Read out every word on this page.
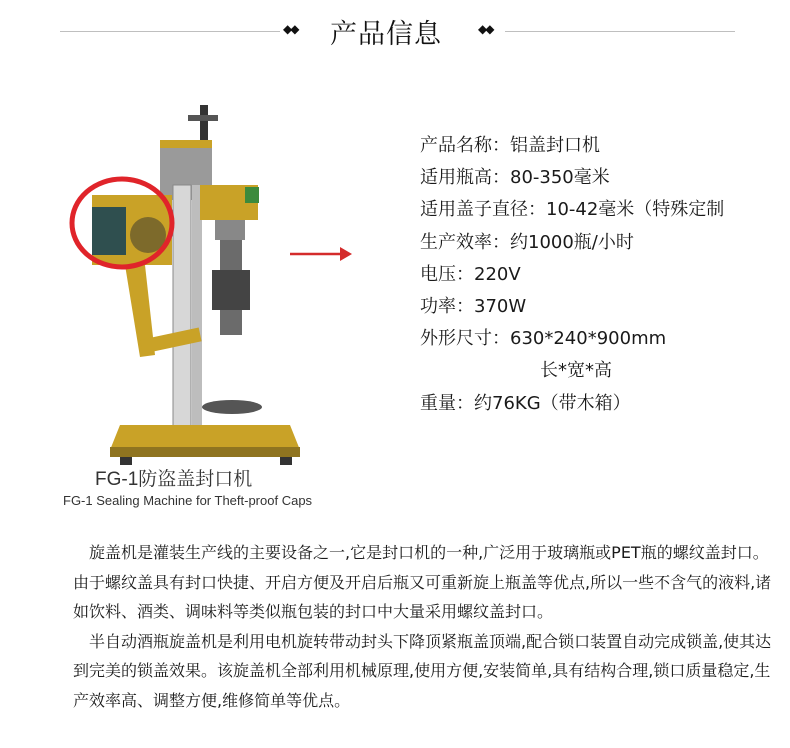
◆◆ 产品信息	◆◆
FG-1防盗盖封口机
FG-1 Sealing Machine for Theft-proof Caps
产品名称：铝盖封口机
适用瓶高：80-350毫米
适用盖子直径：10-42毫米（特殊定制
生产效率：约1000瓶/小时
电压：220V
功率：370W
外形尺寸：630*240*900mm
长*宽*高
重量：约76KG（带木箱）

旋盖机是灌装生产线的主要设备之一,它是封口机的一种,广泛用于玻璃瓶或PET瓶的螺纹盖封口。由于螺纹盖具有封口快捷、开启方便及开启后瓶又可重新旋上瓶盖等优点,所以一些不含气的液料,诸如饮料、酒类、调味料等类似瓶包装的封口中大量采用螺纹盖封口。

半自动酒瓶旋盖机是利用电机旋转带动封头下降顶紧瓶盖顶端,配合锁口装置自动完成锁盖,使其达到完美的锁盖效果。该旋盖机全部利用机械原理,使用方便,安装简单,具有结构合理,锁口质量稳定,生产效率高、调整方便,维修简单等优点。
